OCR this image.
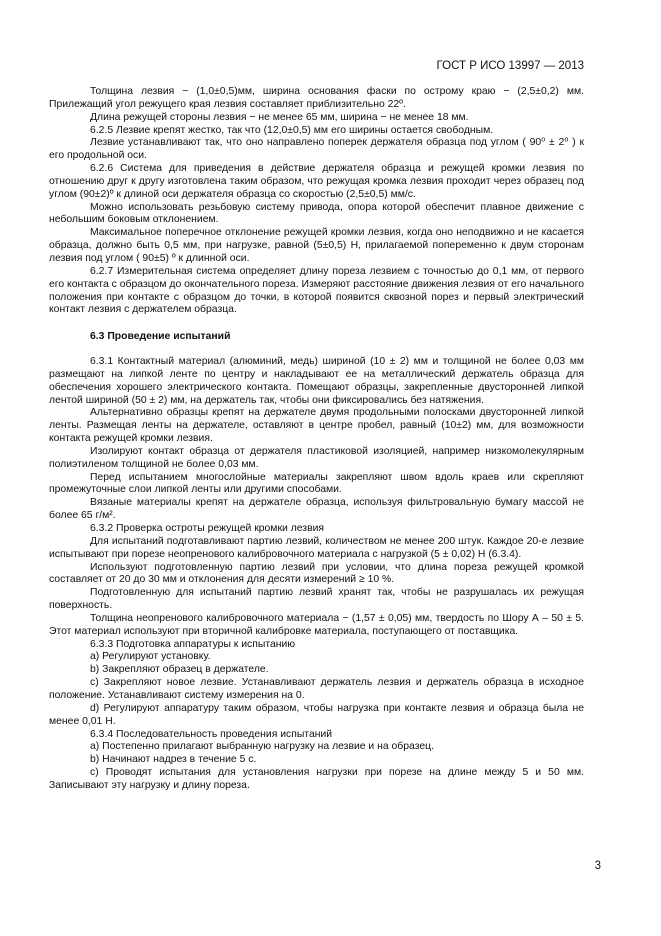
ГОСТ Р ИСО 13997 — 2013

Толщина лезвия − (1,0±0,5)мм, ширина основания фаски по острому краю − (2,5±0,2) мм. Прилежащий угол режущего края лезвия составляет приблизительно 22º.

Длина режущей стороны лезвия − не менее 65 мм, ширина − не менее 18 мм.

6.2.5 Лезвие крепят жестко, так что (12,0±0,5) мм его ширины остается свободным.

Лезвие устанавливают так, что оно направлено поперек держателя образца под углом ( 90⁰ ± 2⁰ ) к его продольной оси.

6.2.6 Система для приведения в действие держателя образца и режущей кромки лезвия по отношению друг к другу изготовлена таким образом, что режущая кромка лезвия проходит через образец под углом (90±2)º к длиной оси держателя образца со скоростью (2,5±0,5) мм/с.

Можно использовать резьбовую систему привода, опора которой обеспечит плавное движение с небольшим боковым отклонением.

Максимальное поперечное отклонение режущей кромки лезвия, когда оно неподвижно и не касается образца, должно быть 0,5 мм, при нагрузке, равной (5±0,5) Н, прилагаемой попеременно к двум сторонам лезвия под углом ( 90±5) º к длинной оси.

6.2.7 Измерительная система определяет длину пореза лезвием с точностью до 0,1 мм, от первого его контакта с образцом до окончательного пореза. Измеряют расстояние движения лезвия от его начального положения при контакте с образцом до точки, в которой появится сквозной порез и первый электрический контакт лезвия с держателем образца.

6.3 Проведение испытаний

6.3.1 Контактный материал (алюминий, медь) шириной (10 ± 2) мм и толщиной не более 0,03 мм размещают на липкой ленте по центру и накладывают ее на металлический держатель образца для обеспечения хорошего электрического контакта. Помещают образцы, закрепленные двусторонней липкой лентой шириной (50 ± 2) мм, на держатель так, чтобы они фиксировались без натяжения.

Альтернативно образцы крепят на держателе двумя продольными полосками двусторонней липкой ленты. Размещая ленты на держателе, оставляют в центре пробел, равный (10±2) мм, для возможности контакта режущей кромки лезвия.

Изолируют контакт образца от держателя пластиковой изоляцией, например низкомолекулярным полиэтиленом толщиной не более 0,03 мм.

Перед испытанием многослойные материалы закрепляют швом вдоль краев или скрепляют промежуточные слои липкой ленты или другими способами.

Вязаные материалы крепят на держателе образца, используя фильтровальную бумагу массой не более 65 г/м².

6.3.2 Проверка остроты режущей кромки лезвия

Для испытаний подготавливают партию лезвий, количеством не менее 200 штук. Каждое 20-е лезвие испытывают при порезе неопренового калибровочного материала с нагрузкой (5 ± 0,02) Н (6.3.4).

Используют подготовленную партию лезвий при условии, что длина пореза режущей кромкой составляет от 20 до 30 мм и отклонения для десяти измерений ≥ 10 %.

Подготовленную для испытаний партию лезвий хранят так, чтобы не разрушалась их режущая поверхность.

Толщина неопренового калибровочного материала − (1,57 ± 0,05) мм, твердость по Шору А – 50 ± 5. Этот материал используют при вторичной калибровке материала, поступающего от поставщика.

6.3.3 Подготовка аппаратуры к испытанию

a) Регулируют установку.

b) Закрепляют образец в держателе.

c) Закрепляют новое лезвие. Устанавливают держатель лезвия и держатель образца в исходное положение. Устанавливают систему измерения на 0.

d) Регулируют аппаратуру таким образом, чтобы нагрузка при контакте лезвия и образца была не менее 0,01 Н.

6.3.4 Последовательность проведения испытаний

a) Постепенно прилагают выбранную нагрузку на лезвие и на образец.

b) Начинают надрез в течение 5 с.

c) Проводят испытания для установления нагрузки при порезе на длине между 5 и 50 мм. Записывают эту нагрузку и длину пореза.

3
